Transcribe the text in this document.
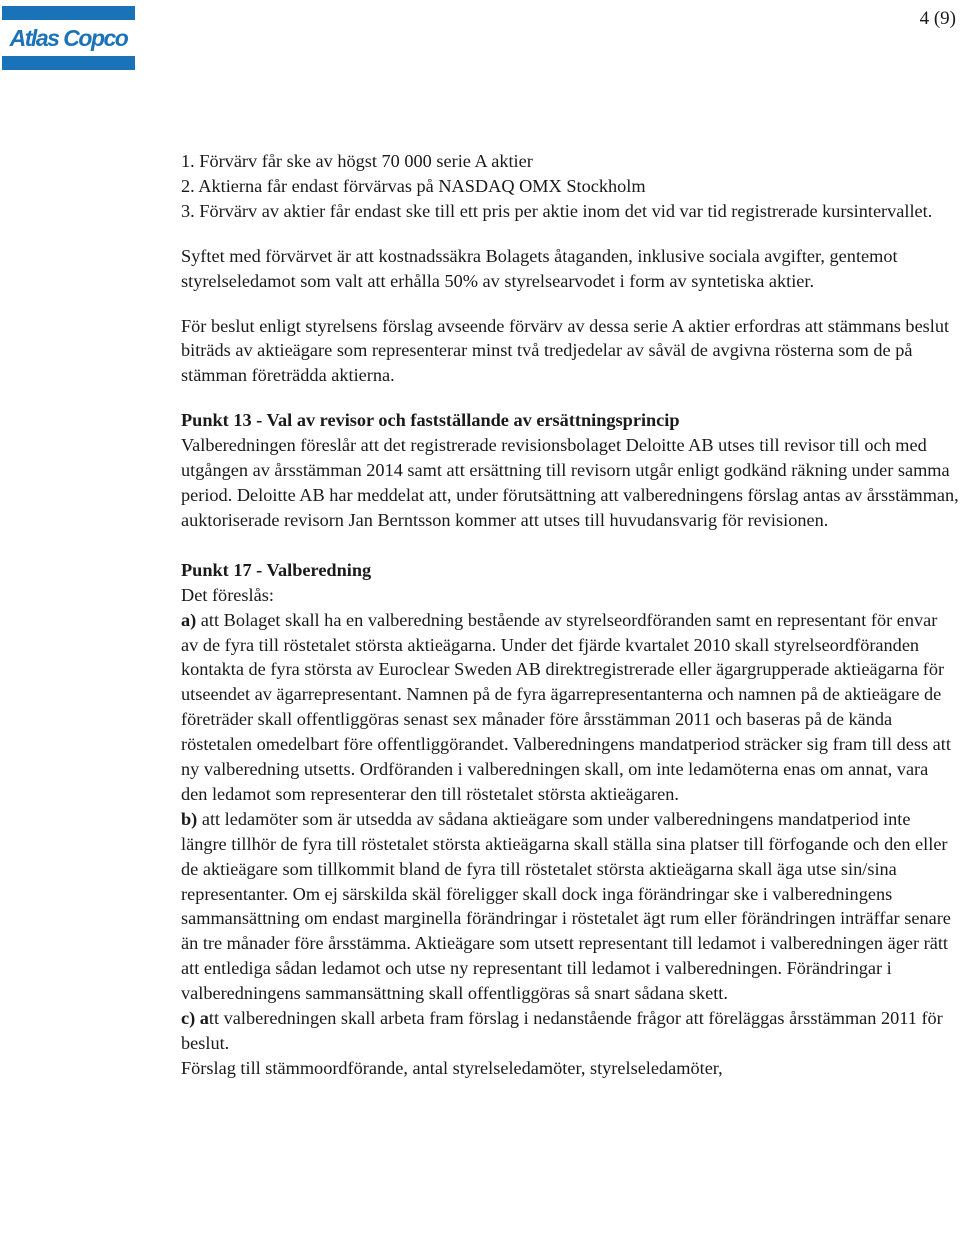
Atlas Copco
4 (9)
1. Förvärv får ske av högst 70 000 serie A aktier
2. Aktierna får endast förvärvas på NASDAQ OMX Stockholm
3. Förvärv av aktier får endast ske till ett pris per aktie inom det vid var tid registrerade kursintervallet.

Syftet med förvärvet är att kostnadssäkra Bolagets åtaganden, inklusive sociala avgifter, gentemot styrelseledamot som valt att erhålla 50% av styrelsearvodet i form av syntetiska aktier.

För beslut enligt styrelsens förslag avseende förvärv av dessa serie A aktier erfordras att stämmans beslut biträds av aktieägare som representerar minst två tredjedelar av såväl de avgivna rösterna som de på stämman företrädda aktierna.

Punkt 13 - Val av revisor och fastställande av ersättningsprincip

Valberedningen föreslår att det registrerade revisionsbolaget Deloitte AB utses till revisor till och med utgången av årsstämman 2014 samt att ersättning till revisorn utgår enligt godkänd räkning under samma period. Deloitte AB har meddelat att, under förutsättning att valberedningens förslag antas av årsstämman, auktoriserade revisorn Jan Berntsson kommer att utses till huvudansvarig för revisionen.

Punkt 17 - Valberedning

Det föreslås:

a) att Bolaget skall ha en valberedning bestående av styrelseordföranden samt en representant för envar av de fyra till röstetalet största aktieägarna. Under det fjärde kvartalet 2010 skall styrelseordföranden kontakta de fyra största av Euroclear Sweden AB direktregistrerade eller ägargrupperade aktieägarna för utseendet av ägarrepresentant. Namnen på de fyra ägarrepresentanterna och namnen på de aktieägare de företräder skall offentliggöras senast sex månader före årsstämman 2011 och baseras på de kända röstetalen omedelbart före offentliggörandet. Valberedningens mandatperiod sträcker sig fram till dess att ny valberedning utsetts. Ordföranden i valberedningen skall, om inte ledamöterna enas om annat, vara den ledamot som representerar den till röstetalet största aktieägaren.

b) att ledamöter som är utsedda av sådana aktieägare som under valberedningens mandatperiod inte längre tillhör de fyra till röstetalet största aktieägarna skall ställa sina platser till förfogande och den eller de aktieägare som tillkommit bland de fyra till röstetalet största aktieägarna skall äga utse sin/sina representanter. Om ej särskilda skäl föreligger skall dock inga förändringar ske i valberedningens sammansättning om endast marginella förändringar i röstetalet ägt rum eller förändringen inträffar senare än tre månader före årsstämma. Aktieägare som utsett representant till ledamot i valberedningen äger rätt att entlediga sådan ledamot och utse ny representant till ledamot i valberedningen. Förändringar i valberedningens sammansättning skall offentliggöras så snart sådana skett.

c) att valberedningen skall arbeta fram förslag i nedanstående frågor att föreläggas årsstämman 2011 för beslut.

Förslag till stämmoordförande, antal styrelseledamöter, styrelseledamöter,
